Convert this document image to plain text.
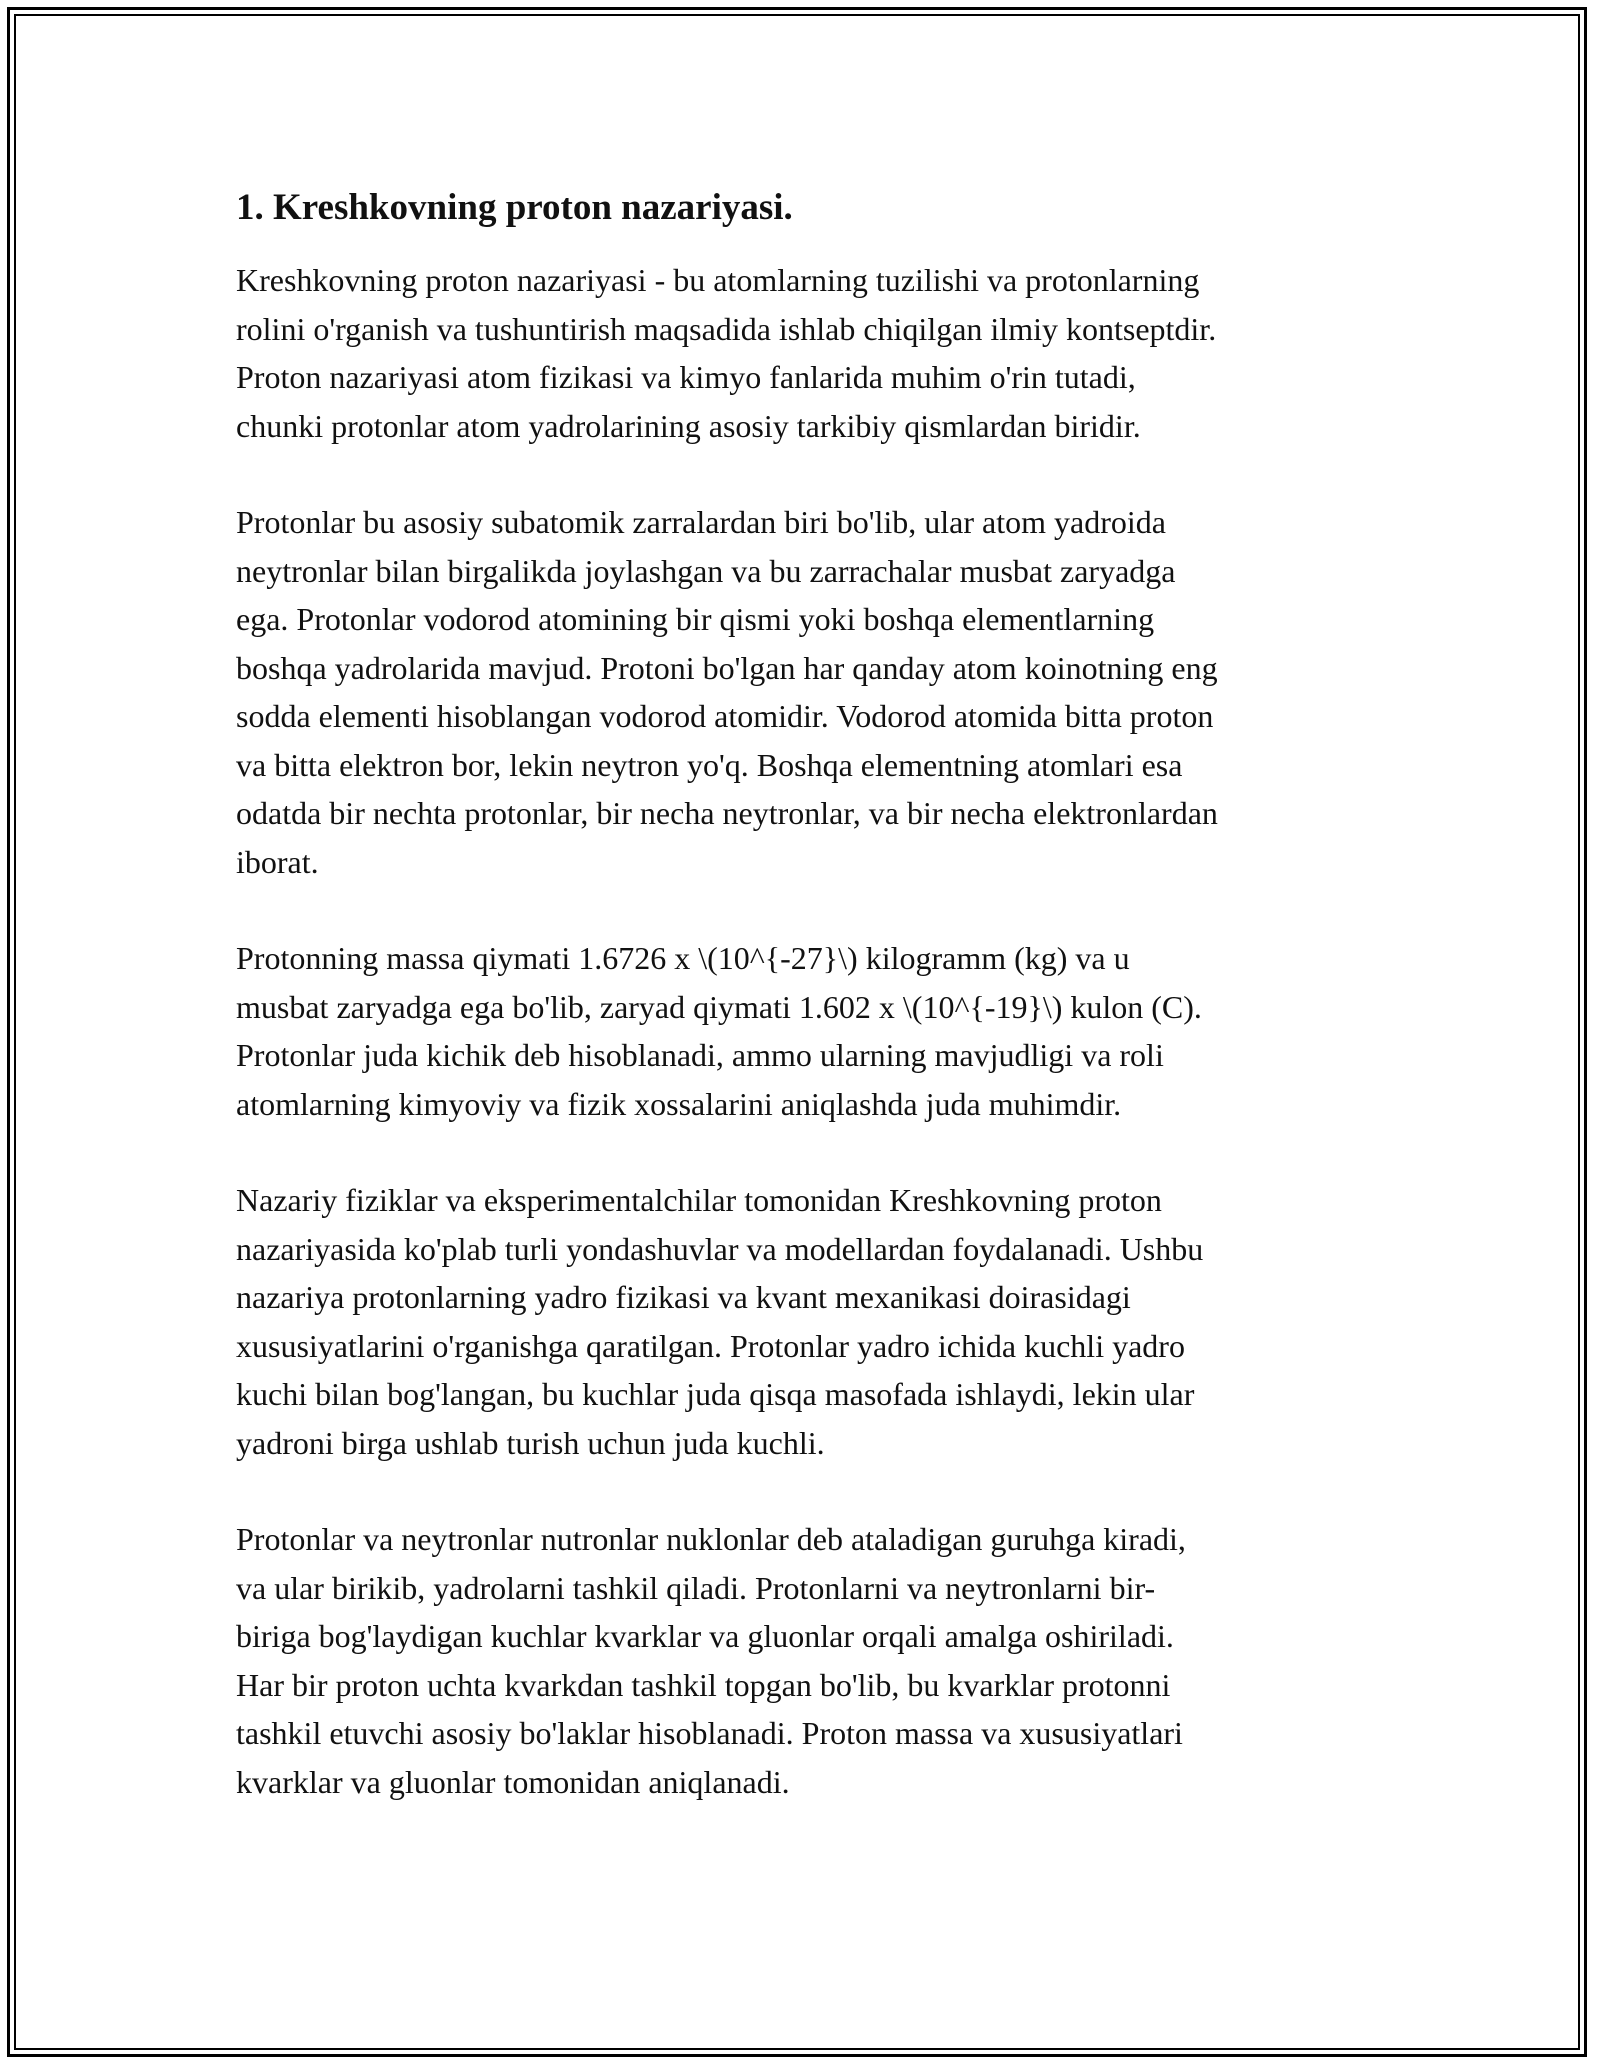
1. Kreshkovning proton nazariyasi.

Kreshkovning proton nazariyasi - bu atomlarning tuzilishi va protonlarning
rolini o'rganish va tushuntirish maqsadida ishlab chiqilgan ilmiy kontseptdir.
Proton nazariyasi atom fizikasi va kimyo fanlarida muhim o'rin tutadi,
chunki protonlar atom yadrolarining asosiy tarkibiy qismlardan biridir.

Protonlar bu asosiy subatomik zarralardan biri bo'lib, ular atom yadroida
neytronlar bilan birgalikda joylashgan va bu zarrachalar musbat zaryadga
ega. Protonlar vodorod atomining bir qismi yoki boshqa elementlarning
boshqa yadrolarida mavjud. Protoni bo'lgan har qanday atom koinotning eng
sodda elementi hisoblangan vodorod atomidir. Vodorod atomida bitta proton
va bitta elektron bor, lekin neytron yo'q. Boshqa elementning atomlari esa
odatda bir nechta protonlar, bir necha neytronlar, va bir necha elektronlardan
iborat.

Protonning massa qiymati 1.6726 x \(10^{-27}\) kilogramm (kg) va u
musbat zaryadga ega bo'lib, zaryad qiymati 1.602 x \(10^{-19}\) kulon (C).
Protonlar juda kichik deb hisoblanadi, ammo ularning mavjudligi va roli
atomlarning kimyoviy va fizik xossalarini aniqlashda juda muhimdir.

Nazariy fiziklar va eksperimentalchilar tomonidan Kreshkovning proton
nazariyasida ko'plab turli yondashuvlar va modellardan foydalanadi. Ushbu
nazariya protonlarning yadro fizikasi va kvant mexanikasi doirasidagi
xususiyatlarini o'rganishga qaratilgan. Protonlar yadro ichida kuchli yadro
kuchi bilan bog'langan, bu kuchlar juda qisqa masofada ishlaydi, lekin ular
yadroni birga ushlab turish uchun juda kuchli.

Protonlar va neytronlar nutronlar nuklonlar deb ataladigan guruhga kiradi,
va ular birikib, yadrolarni tashkil qiladi. Protonlarni va neytronlarni bir-
biriga bog'laydigan kuchlar kvarklar va gluonlar orqali amalga oshiriladi.
Har bir proton uchta kvarkdan tashkil topgan bo'lib, bu kvarklar protonni
tashkil etuvchi asosiy bo'laklar hisoblanadi. Proton massa va xususiyatlari
kvarklar va gluonlar tomonidan aniqlanadi.
